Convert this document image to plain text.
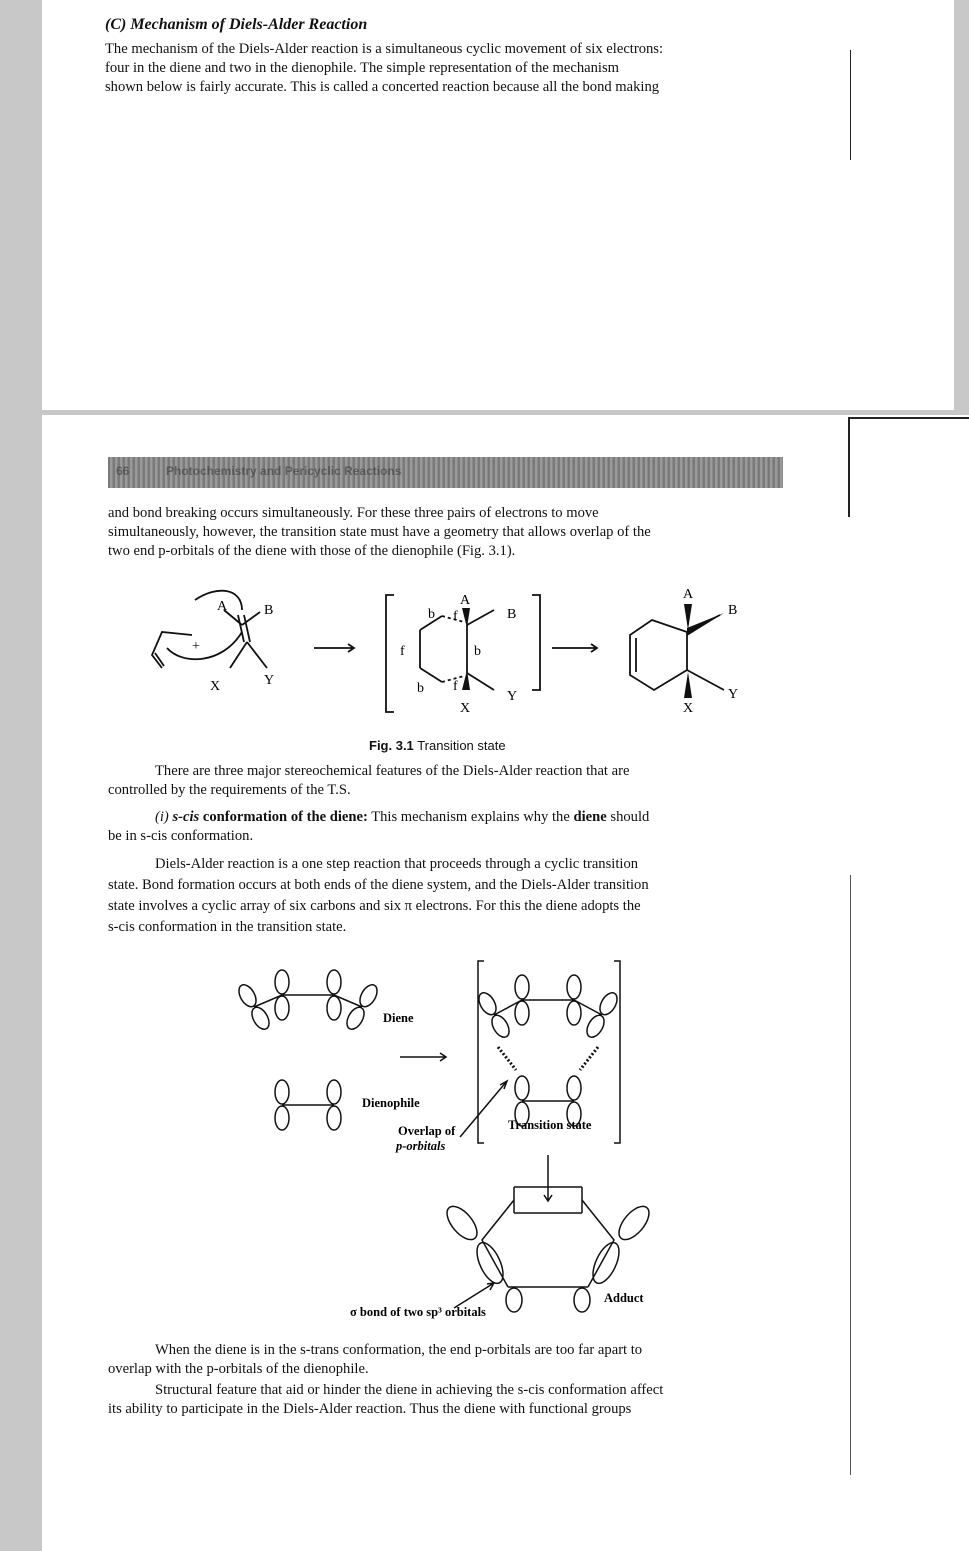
(C) Mechanism of Diels-Alder Reaction
The mechanism of the Diels-Alder reaction is a simultaneous cyclic movement of six electrons:
four in the diene and two in the dienophile. The simple representation of the mechanism
shown below is fairly accurate. This is called a concerted reaction because all the bond making
66	Photochemistry and Pericyclic Reactions
and bond breaking occurs simultaneously. For these three pairs of electrons to move
simultaneously, however, the transition state must have a geometry that allows overlap of the
two end p-orbitals of the diene with those of the dienophile (Fig. 3.1).
A	B
+
X	Y
A
B
b f
f	b
b f
Y
X
A
B
Y
X
Fig. 3.1 Transition state
There are three major stereochemical features of the Diels-Alder reaction that are
controlled by the requirements of the T.S.
(i) s-cis conformation of the diene: This mechanism explains why the diene should
be in s-cis conformation.
Diels-Alder reaction is a one step reaction that proceeds through a cyclic transition
state. Bond formation occurs at both ends of the diene system, and the Diels-Alder transition
state involves a cyclic array of six carbons and six π electrons. For this the diene adopts the
s-cis conformation in the transition state.
Diene
Dienophile
Overlap of
p-orbitals
Transition state
Adduct
σ bond of two sp³ orbitals
When the diene is in the s-trans conformation, the end p-orbitals are too far apart to
overlap with the p-orbitals of the dienophile.
Structural feature that aid or hinder the diene in achieving the s-cis conformation affect
its ability to participate in the Diels-Alder reaction. Thus the diene with functional groups
